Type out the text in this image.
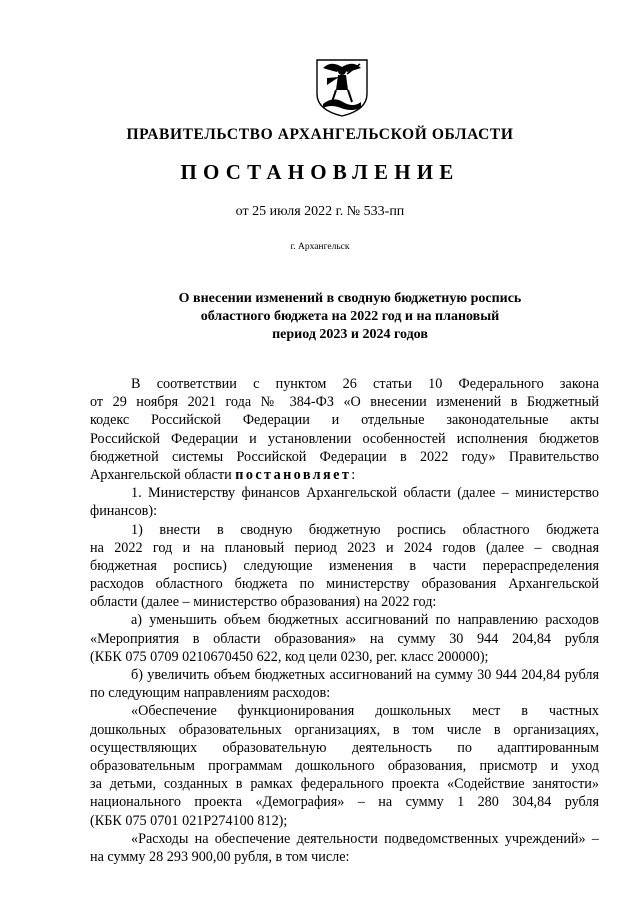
ПРАВИТЕЛЬСТВО АРХАНГЕЛЬСКОЙ ОБЛАСТИ
ПОСТАНОВЛЕНИЕ
от 25 июля 2022 г. № 533-пп
г. Архангельск
О внесении изменений в сводную бюджетную роспись
областного бюджета на 2022 год и на плановый
период 2023 и 2024 годов
В соответствии с пунктом 26 статьи 10 Федерального закона
от 29 ноября 2021 года № 384-ФЗ «О внесении изменений в Бюджетный
кодекс Российской Федерации и отдельные законодательные акты
Российской Федерации и установлении особенностей исполнения бюджетов
бюджетной системы Российской Федерации в 2022 году» Правительство
Архангельской области постановляет:
1. Министерству финансов Архангельской области (далее – министерство
финансов):
1) внести в сводную бюджетную роспись областного бюджета
на 2022 год и на плановый период 2023 и 2024 годов (далее – сводная
бюджетная роспись) следующие изменения в части перераспределения
расходов областного бюджета по министерству образования Архангельской
области (далее – министерство образования) на 2022 год:
а) уменьшить объем бюджетных ассигнований по направлению расходов
«Мероприятия в области образования» на сумму 30 944 204,84 рубля
(КБК 075 0709 0210670450 622, код цели 0230, рег. класс 200000);
б) увеличить объем бюджетных ассигнований на сумму 30 944 204,84 рубля
по следующим направлениям расходов:
«Обеспечение функционирования дошкольных мест в частных
дошкольных образовательных организациях, в том числе в организациях,
осуществляющих образовательную деятельность по адаптированным
образовательным программам дошкольного образования, присмотр и уход
за детьми, созданных в рамках федерального проекта «Содействие занятости»
национального проекта «Демография» – на сумму 1 280 304,84 рубля
(КБК 075 0701 021P274100 812);
«Расходы на обеспечение деятельности подведомственных учреждений» –
на сумму 28 293 900,00 рубля, в том числе:
